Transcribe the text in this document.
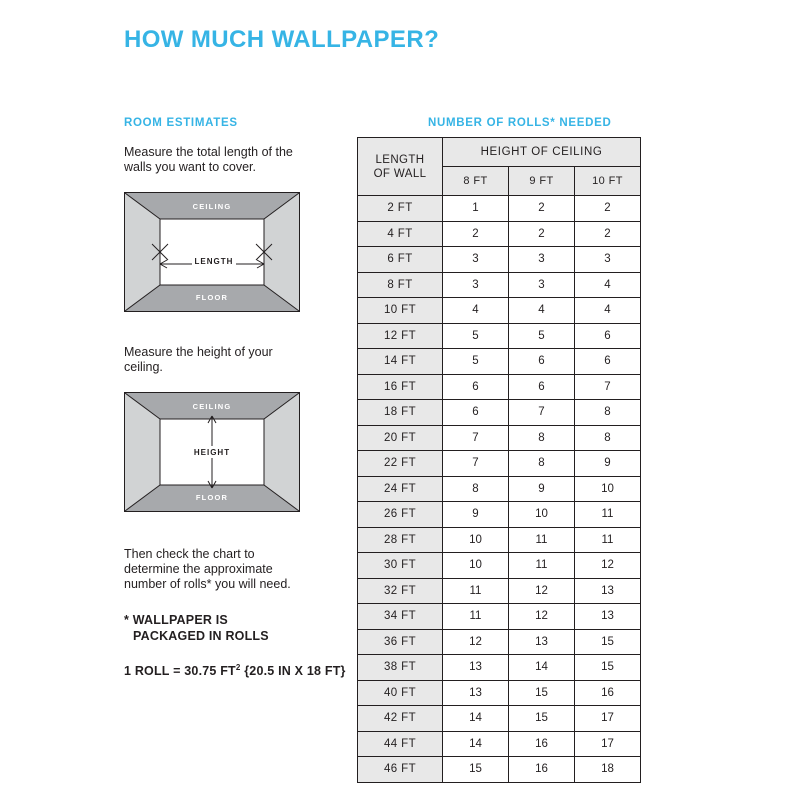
HOW MUCH WALLPAPER?
ROOM ESTIMATES	NUMBER OF ROLLS* NEEDED
Measure the total length of the walls you want to cover.
Measure the height of your ceiling.
Then check the chart to determine the approximate number of rolls* you will need.
* WALLPAPER IS
PACKAGED IN ROLLS
1 ROLL = 30.75 $FT^2$ {20.5 IN X 18 FT}
CEILING
FLOOR
LENGTH
CEILING
FLOOR
HEIGHT
LENGTH
OF WALL	HEIGHT OF CEILING		
	8 FT	9 FT	10 FT
2 FT	1	2	2
4 FT	2	2	2
6 FT	3	3	3
8 FT	3	3	4
10 FT	4	4	4
12 FT	5	5	6
14 FT	5	6	6
16 FT	6	6	7
18 FT	6	7	8
20 FT	7	8	8
22 FT	7	8	9
24 FT	8	9	10
26 FT	9	10	11
28 FT	10	11	11
30 FT	10	11	12
32 FT	11	12	13
34 FT	11	12	13
36 FT	12	13	15
38 FT	13	14	15
40 FT	13	15	16
42 FT	14	15	17
44 FT	14	16	17
46 FT	15	16	18
